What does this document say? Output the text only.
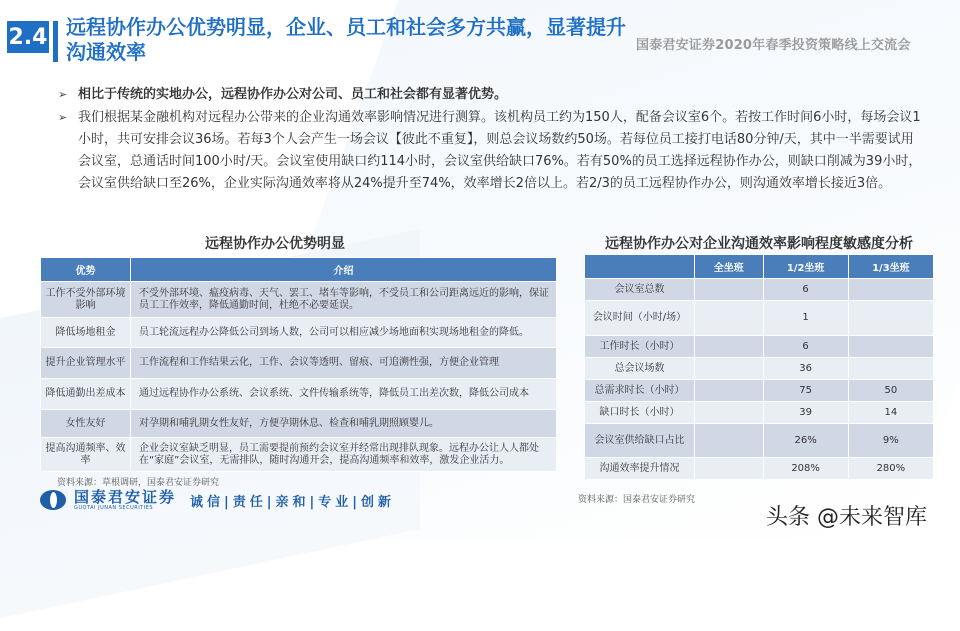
2.4 远程协作办公优势明显，企业、员工和社会多方共赢，显著提升沟通效率	国泰君安证券2020年春季投资策略线上交流会
➢ 相比于传统的实地办公，远程协作办公对公司、员工和社会都有显著优势。
➢ 我们根据某金融机构对远程办公带来的企业沟通效率影响情况进行测算。该机构员工约为150人，配备会议室6个。若按工作时间6小时，每场会议1小时，共可安排会议36场。若每3个人会产生一场会议【彼此不重复】，则总会议场数约50场。若每位员工接打电话80分钟/天，其中一半需要试用会议室，总通话时间100小时/天。会议室使用缺口约114小时，会议室供给缺口76%。若有50%的员工选择远程协作办公，则缺口削减为39小时，会议室供给缺口至26%，企业实际沟通效率将从24%提升至74%，效率增长2倍以上。若2/3的员工远程协作办公，则沟通效率增长接近3倍。
远程协作办公优势明显
优势	介绍
工作不受外部环境影响	不受外部环境、瘟疫病毒、天气、罢工、堵车等影响，不受员工和公司距离远近的影响，保证员工工作效率，降低通勤时间，杜绝不必要延误。
降低场地租金	员工轮流远程办公降低公司到场人数，公司可以相应减少场地面积实现场地租金的降低。
提升企业管理水平	工作流程和工作结果云化，工作、会议等透明、留痕、可追溯性强，方便企业管理
降低通勤出差成本	通过远程协作办公系统、会议系统、文件传输系统等，降低员工出差次数，降低公司成本
女性友好	对孕期和哺乳期女性友好，方便孕期休息、检查和哺乳期照顾婴儿。
提高沟通频率、效率	企业会议室缺乏明显，员工需要提前预约会议室并经常出现排队现象。远程办公让人人都处在“家庭”会议室，无需排队，随时沟通开会，提高沟通频率和效率，激发企业活力。
资料来源：草根调研，国泰君安证券研究
远程协作办公对企业沟通效率影响程度敏感度分析
	全坐班	1/2坐班	1/3坐班
会议室总数		6	
会议时间（小时/场）		1	
工作时长（小时）		6	
总会议场数		36	
总需求时长（小时）		75	50
缺口时长（小时）		39	14
会议室供给缺口占比		26%	9%
沟通效率提升情况		208%	280%
资料来源：国泰君安证券研究
国泰君安证券
GUOTAI JUNAN SECURITIES	诚信|责任|亲和|专业|创新
头条 @未来智库
